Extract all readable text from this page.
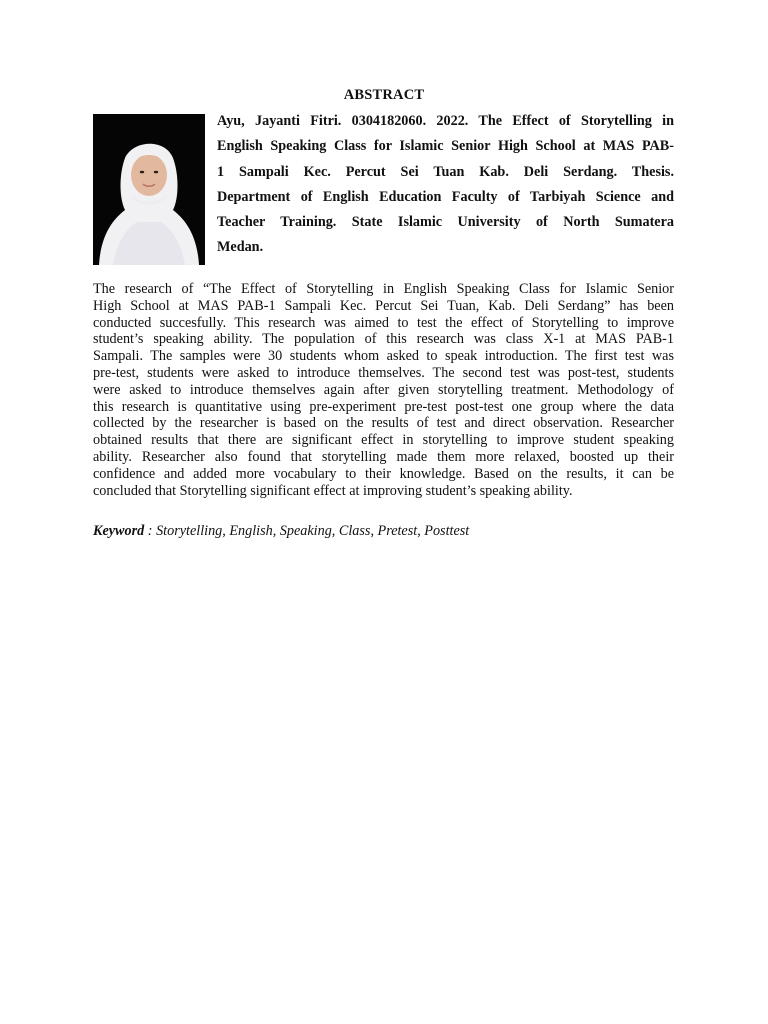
ABSTRACT

Ayu, Jayanti Fitri. 0304182060. 2022. The Effect of Storytelling in
English Speaking Class for Islamic Senior High School at MAS PAB-
1 Sampali Kec. Percut Sei Tuan Kab. Deli Serdang. Thesis.
Department of English Education Faculty of Tarbiyah Science and
Teacher Training. State Islamic University of North Sumatera
Medan.

The research of “The Effect of Storytelling in English Speaking Class for Islamic Senior
High School at MAS PAB-1 Sampali Kec. Percut Sei Tuan, Kab. Deli Serdang” has been
conducted succesfully. This research was aimed to test the effect of Storytelling to improve
student’s speaking ability. The population of this research was class X-1 at MAS PAB-1
Sampali. The samples were 30 students whom asked to speak introduction. The first test was
pre-test, students were asked to introduce themselves. The second test was post-test, students
were asked to introduce themselves again after given storytelling treatment. Methodology of
this research is quantitative using pre-experiment pre-test post-test one group where the data
collected by the researcher is based on the results of test and direct observation. Researcher
obtained results that there are significant effect in storytelling to improve student speaking
ability. Researcher also found that storytelling made them more relaxed, boosted up their
confidence and added more vocabulary to their knowledge. Based on the results, it can be
concluded that Storytelling significant effect at improving student’s speaking ability.

Keyword : Storytelling, English, Speaking, Class, Pretest, Posttest
